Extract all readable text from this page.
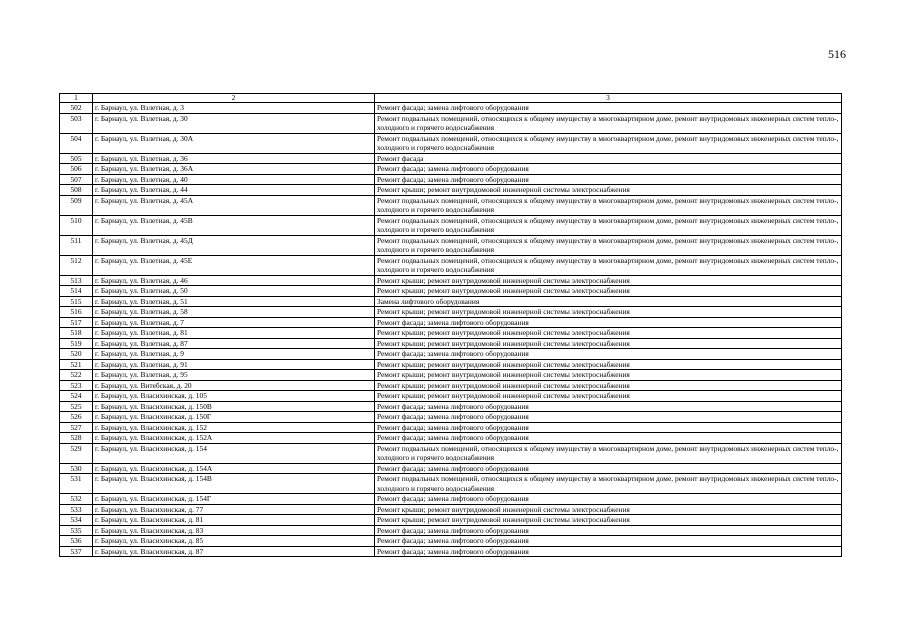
516
1	2	3
502	г. Барнаул, ул. Взлетная, д. 3	Ремонт фасада; замена лифтового оборудования
503	г. Барнаул, ул. Взлетная, д. 30	Ремонт подвальных помещений, относящихся к общему имуществу в многоквартирном доме, ремонт внутридомовых инженерных систем тепло-, холодного и горячего водоснабжения
504	г. Барнаул, ул. Взлетная, д. 30А	Ремонт подвальных помещений, относящихся к общему имуществу в многоквартирном доме, ремонт внутридомовых инженерных систем тепло-, холодного и горячего водоснабжения
505	г. Барнаул, ул. Взлетная, д. 36	Ремонт фасада
506	г. Барнаул, ул. Взлетная, д. 36А	Ремонт фасада; замена лифтового оборудования
507	г. Барнаул, ул. Взлетная, д. 40	Ремонт фасада; замена лифтового оборудования
508	г. Барнаул, ул. Взлетная, д. 44	Ремонт крыши; ремонт внутридомовой инженерной системы электроснабжения
509	г. Барнаул, ул. Взлетная, д. 45А	Ремонт подвальных помещений, относящихся к общему имуществу в многоквартирном доме, ремонт внутридомовых инженерных систем тепло-, холодного и горячего водоснабжения
510	г. Барнаул, ул. Взлетная, д. 45В	Ремонт подвальных помещений, относящихся к общему имуществу в многоквартирном доме, ремонт внутридомовых инженерных систем тепло-, холодного и горячего водоснабжения
511	г. Барнаул, ул. Взлетная, д. 45Д	Ремонт подвальных помещений, относящихся к общему имуществу в многоквартирном доме, ремонт внутридомовых инженерных систем тепло-, холодного и горячего водоснабжения
512	г. Барнаул, ул. Взлетная, д. 45Е	Ремонт подвальных помещений, относящихся к общему имуществу в многоквартирном доме, ремонт внутридомовых инженерных систем тепло-, холодного и горячего водоснабжения
513	г. Барнаул, ул. Взлетная, д. 46	Ремонт крыши; ремонт внутридомовой инженерной системы электроснабжения
514	г. Барнаул, ул. Взлетная, д. 50	Ремонт крыши; ремонт внутридомовой инженерной системы электроснабжения
515	г. Барнаул, ул. Взлетная, д. 51	Замена лифтового оборудования
516	г. Барнаул, ул. Взлетная, д. 58	Ремонт крыши; ремонт внутридомовой инженерной системы электроснабжения
517	г. Барнаул, ул. Взлетная, д. 7	Ремонт фасада; замена лифтового оборудования
518	г. Барнаул, ул. Взлетная, д. 81	Ремонт крыши; ремонт внутридомовой инженерной системы электроснабжения
519	г. Барнаул, ул. Взлетная, д. 87	Ремонт крыши; ремонт внутридомовой инженерной системы электроснабжения
520	г. Барнаул, ул. Взлетная, д. 9	Ремонт фасада; замена лифтового оборудования
521	г. Барнаул, ул. Взлетная, д. 91	Ремонт крыши; ремонт внутридомовой инженерной системы электроснабжения
522	г. Барнаул, ул. Взлетная, д. 95	Ремонт крыши; ремонт внутридомовой инженерной системы электроснабжения
523	г. Барнаул, ул. Витебская, д. 20	Ремонт крыши; ремонт внутридомовой инженерной системы электроснабжения
524	г. Барнаул, ул. Власихинская, д. 105	Ремонт крыши; ремонт внутридомовой инженерной системы электроснабжения
525	г. Барнаул, ул. Власихинская, д. 150В	Ремонт фасада; замена лифтового оборудования
526	г. Барнаул, ул. Власихинская, д. 150Г	Ремонт фасада; замена лифтового оборудования
527	г. Барнаул, ул. Власихинская, д. 152	Ремонт фасада; замена лифтового оборудования
528	г. Барнаул, ул. Власихинская, д. 152А	Ремонт фасада; замена лифтового оборудования
529	г. Барнаул, ул. Власихинская, д. 154	Ремонт подвальных помещений, относящихся к общему имуществу в многоквартирном доме, ремонт внутридомовых инженерных систем тепло-, холодного и горячего водоснабжения
530	г. Барнаул, ул. Власихинская, д. 154А	Ремонт фасада; замена лифтового оборудования
531	г. Барнаул, ул. Власихинская, д. 154В	Ремонт подвальных помещений, относящихся к общему имуществу в многоквартирном доме, ремонт внутридомовых инженерных систем тепло-, холодного и горячего водоснабжения
532	г. Барнаул, ул. Власихинская, д. 154Г	Ремонт фасада; замена лифтового оборудования
533	г. Барнаул, ул. Власихинская, д. 77	Ремонт крыши; ремонт внутридомовой инженерной системы электроснабжения
534	г. Барнаул, ул. Власихинская, д. 81	Ремонт крыши; ремонт внутридомовой инженерной системы электроснабжения
535	г. Барнаул, ул. Власихинская, д. 83	Ремонт фасада; замена лифтового оборудования
536	г. Барнаул, ул. Власихинская, д. 85	Ремонт фасада; замена лифтового оборудования
537	г. Барнаул, ул. Власихинская, д. 87	Ремонт фасада; замена лифтового оборудования
